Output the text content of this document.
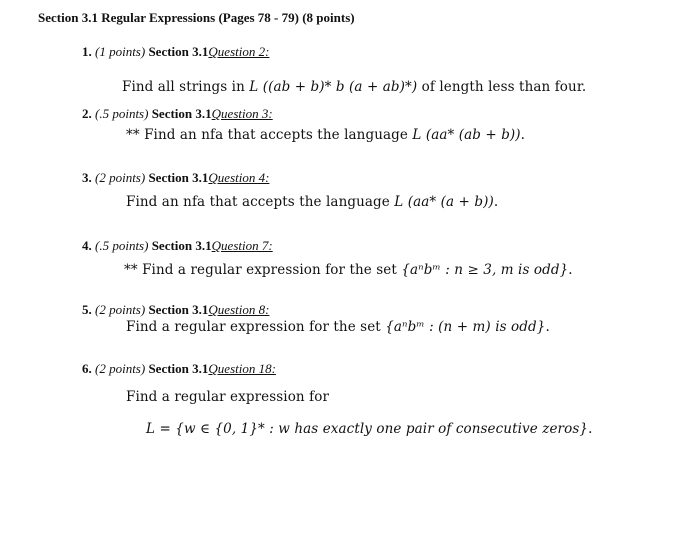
Section 3.1 Regular Expressions (Pages 78 - 79) (8 points)
1. (1 points) Section 3.1Question 2:
Find all strings in L ((ab + b)* b (a + ab)*) of length less than four.
2. (.5 points) Section 3.1Question 3:
** Find an nfa that accepts the language L (aa* (ab + b)).
3. (2 points) Section 3.1Question 4:
Find an nfa that accepts the language L (aa* (a + b)).
4. (.5 points) Section 3.1Question 7:
** Find a regular expression for the set {aⁿbᵐ : n ≥ 3, m is odd}.
5. (2 points) Section 3.1Question 8:
Find a regular expression for the set {aⁿbᵐ : (n + m) is odd}.
6. (2 points) Section 3.1Question 18:
Find a regular expression for
L = {w ∈ {0, 1}* : w has exactly one pair of consecutive zeros}.
